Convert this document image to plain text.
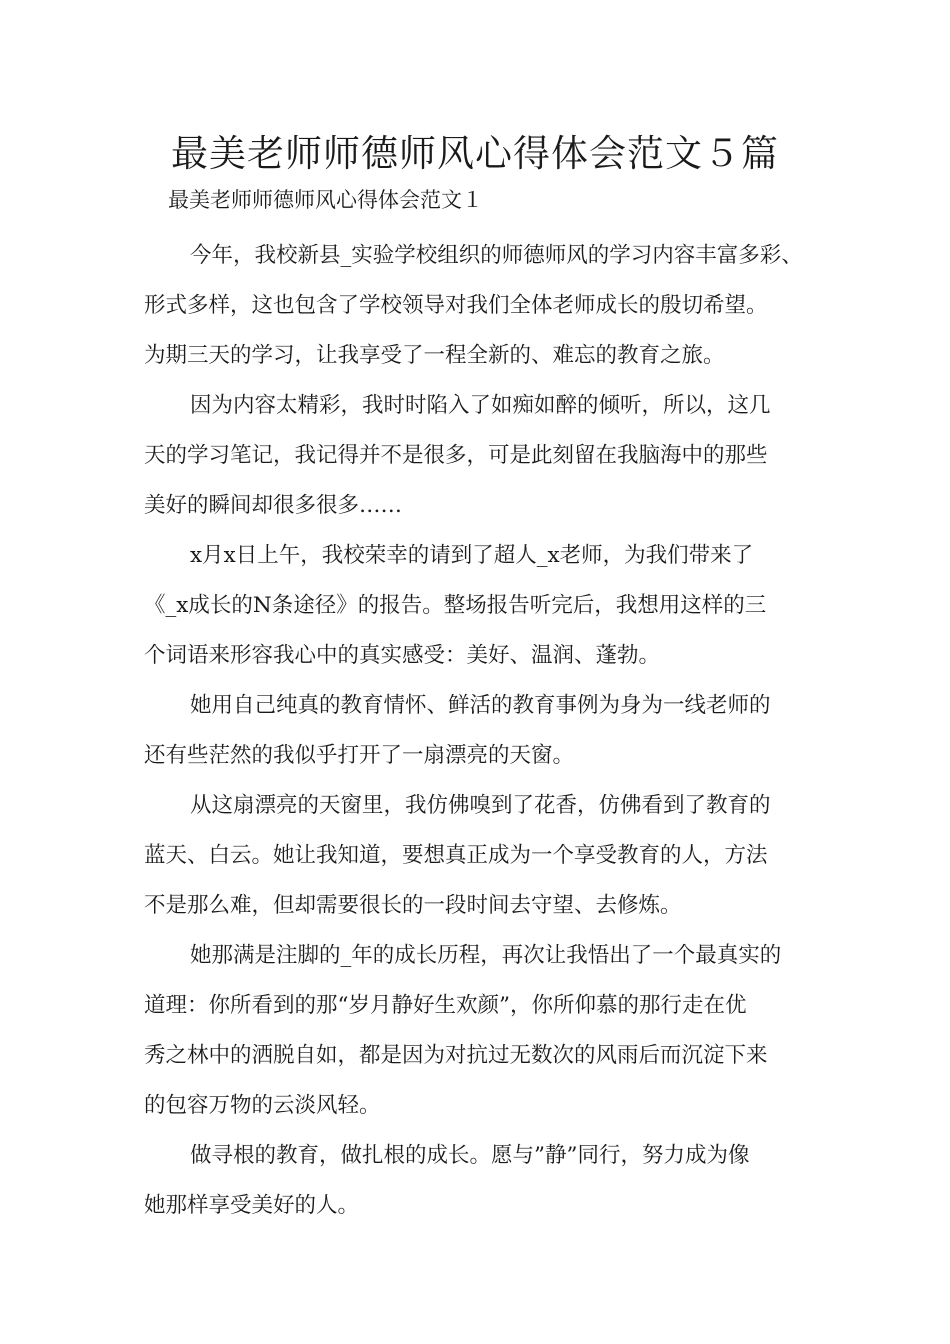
最美老师师德师风心得体会范文５篇
最美老师师德师风心得体会范文１
今年，我校新县_实验学校组织的师德师风的学习内容丰富多彩、
形式多样，这也包含了学校领导对我们全体老师成长的殷切希望。
为期三天的学习，让我享受了一程全新的、难忘的教育之旅。
因为内容太精彩，我时时陷入了如痴如醉的倾听，所以，这几
天的学习笔记，我记得并不是很多，可是此刻留在我脑海中的那些
美好的瞬间却很多很多……
x月x日上午，我校荣幸的请到了超人_x老师，为我们带来了
《_x成长的N条途径》的报告。整场报告听完后，我想用这样的三
个词语来形容我心中的真实感受：美好、温润、蓬勃。
她用自己纯真的教育情怀、鲜活的教育事例为身为一线老师的
还有些茫然的我似乎打开了一扇漂亮的天窗。
从这扇漂亮的天窗里，我仿佛嗅到了花香，仿佛看到了教育的
蓝天、白云。她让我知道，要想真正成为一个享受教育的人，方法
不是那么难，但却需要很长的一段时间去守望、去修炼。
她那满是注脚的_年的成长历程，再次让我悟出了一个最真实的
道理：你所看到的那“岁月静好生欢颜”，你所仰慕的那行走在优
秀之林中的洒脱自如，都是因为对抗过无数次的风雨后而沉淀下来
的包容万物的云淡风轻。
做寻根的教育，做扎根的成长。愿与”静”同行，努力成为像
她那样享受美好的人。
